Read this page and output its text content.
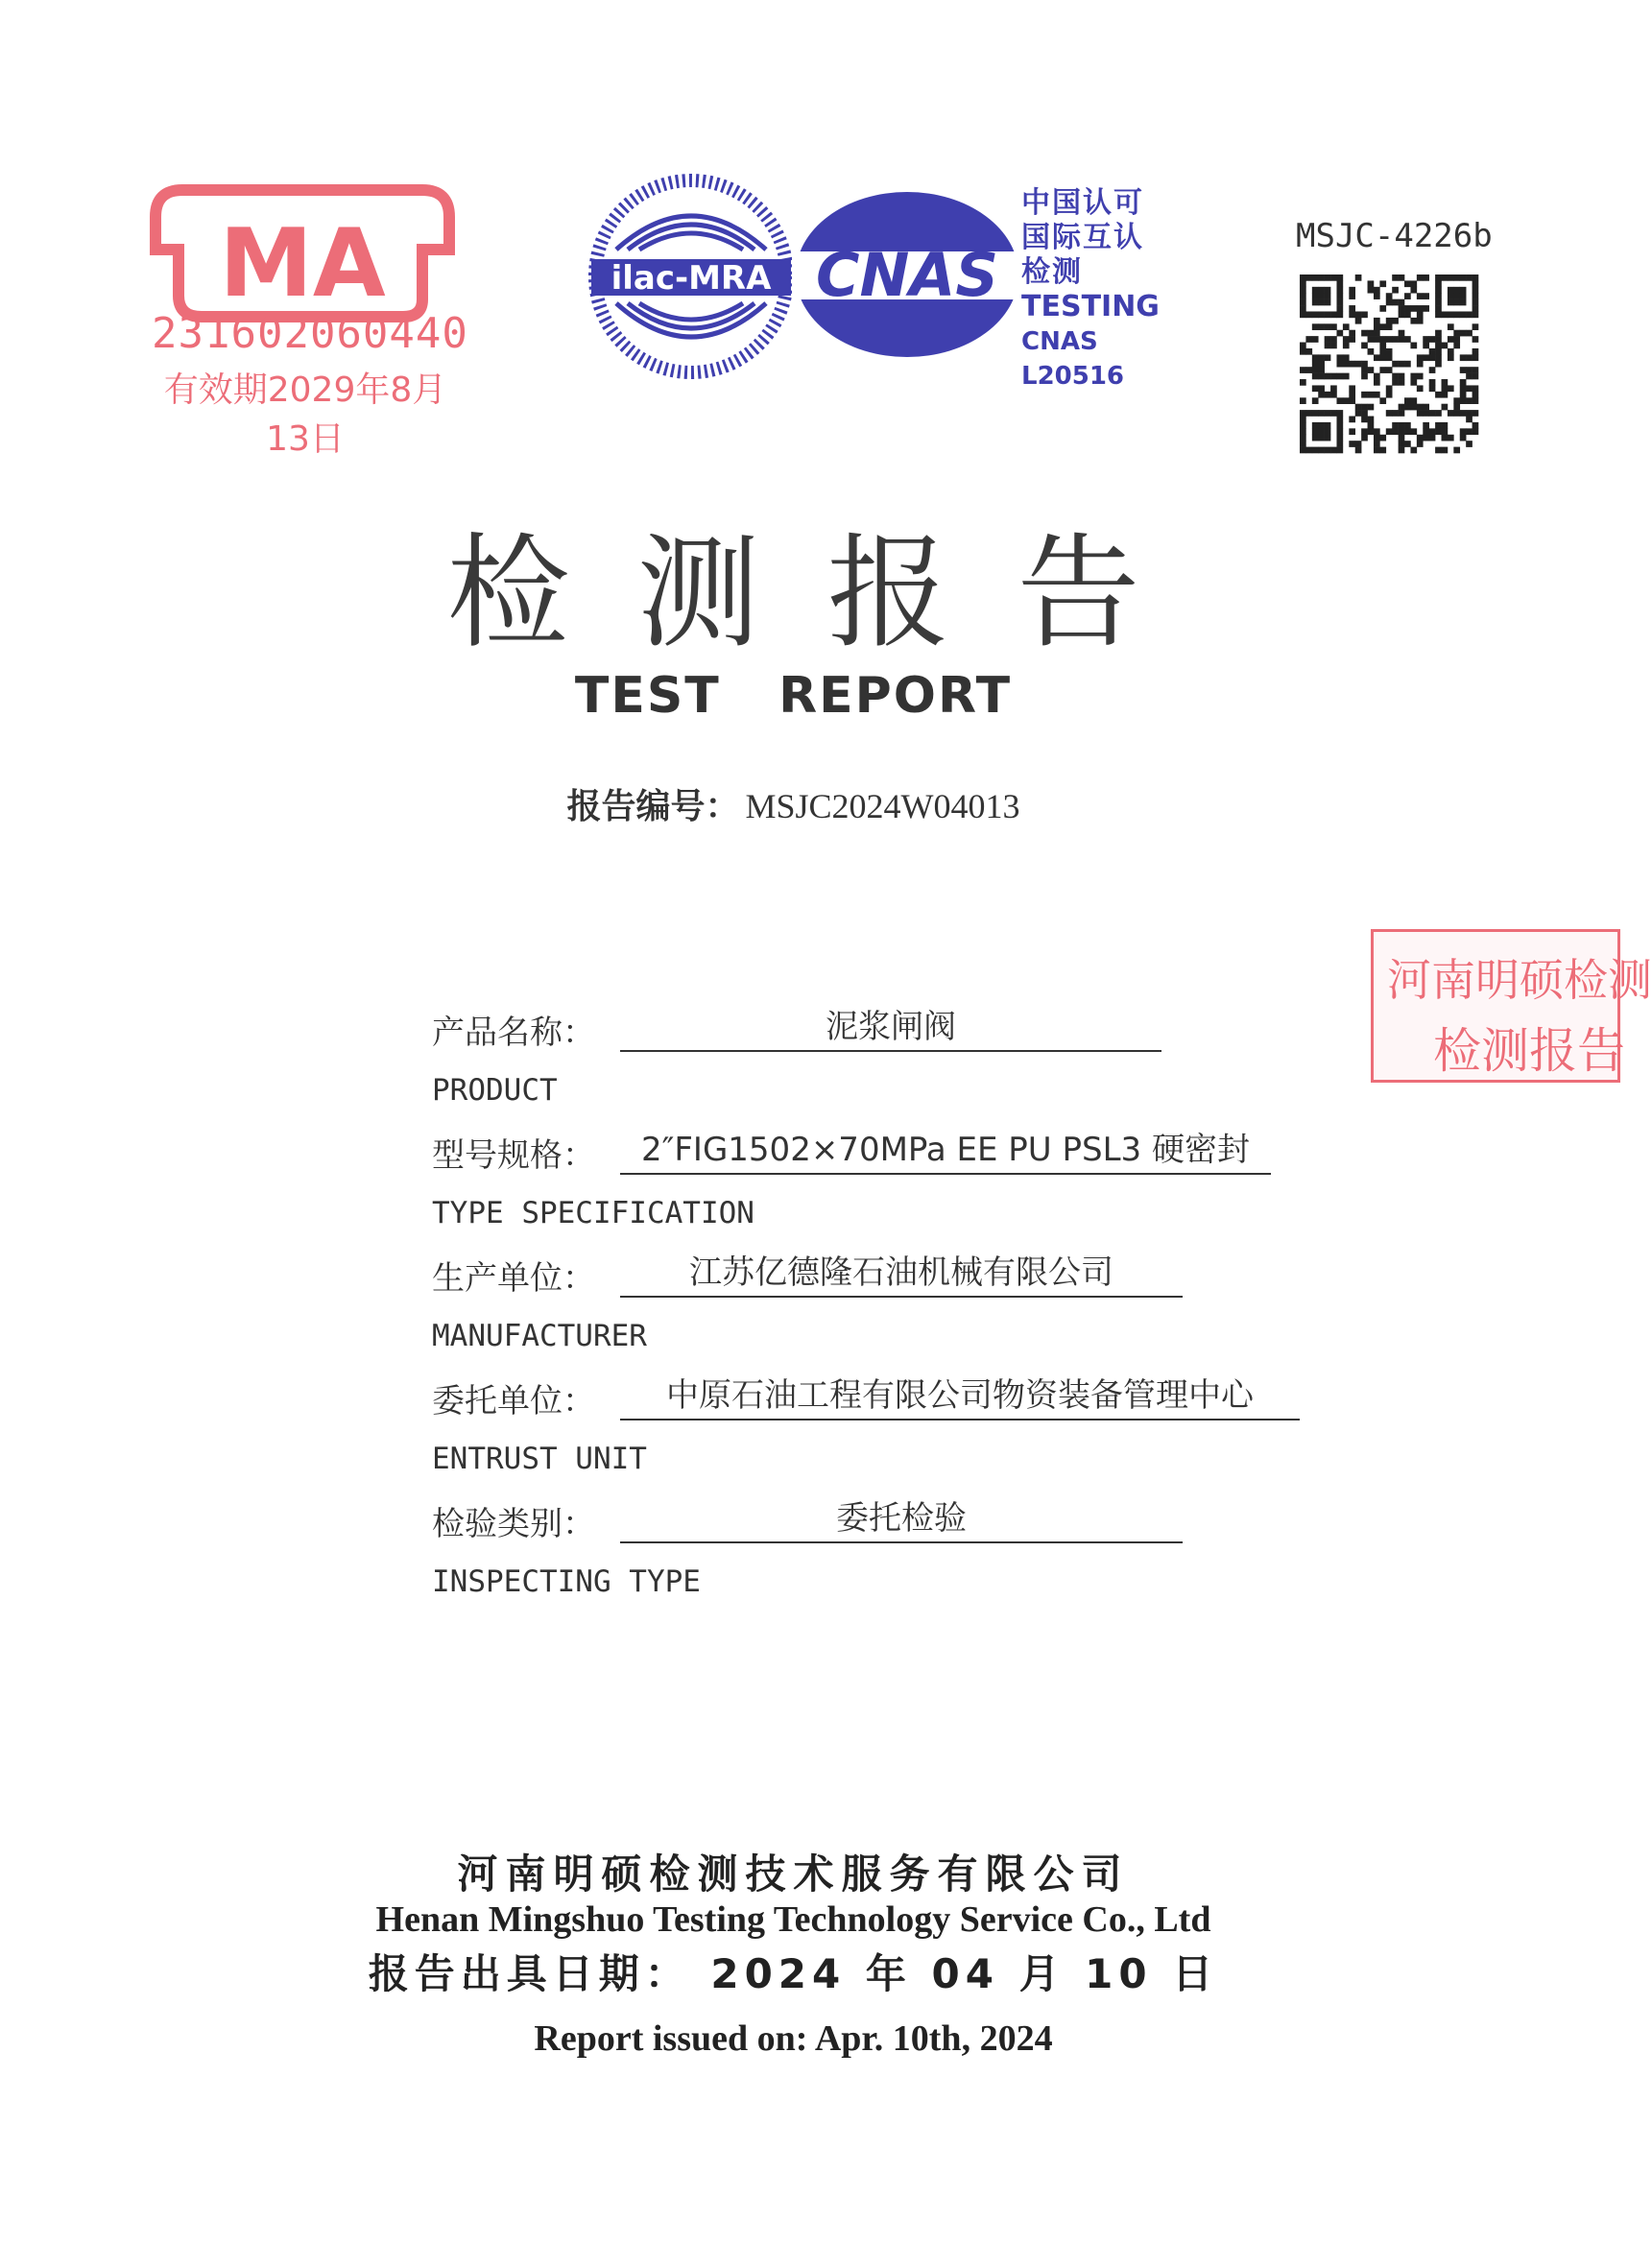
MA
231602060440
有效期2029年8月13日
ilac-MRA CNAS
中国认可
国际互认
检测
TESTING
CNAS L20516
MSJC-4226b
检测报告
TEST   REPORT
报告编号： MSJC2024W04013
河南明硕检测
检测报告
产品名称：	泥浆闸阀
PRODUCT
型号规格：	2″FIG1502×70MPa EE PU PSL3 硬密封
TYPE SPECIFICATION
生产单位：	江苏亿德隆石油机械有限公司
MANUFACTURER
委托单位：	中原石油工程有限公司物资装备管理中心
ENTRUST UNIT
检验类别：	委托检验
INSPECTING TYPE
河南明硕检测技术服务有限公司
Henan Mingshuo Testing Technology Service Co., Ltd
报告出具日期： 2024 年 04 月 10 日
Report issued on: Apr. 10th, 2024
